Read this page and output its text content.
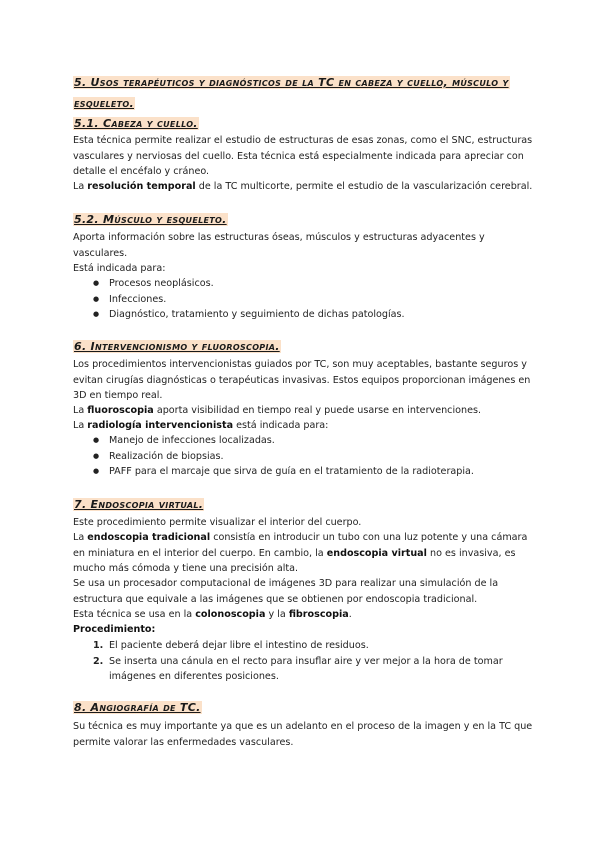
5. Usos terapéuticos y diagnósticos de la TC en cabeza y cuello, músculo y
esqueleto.
5.1. Cabeza y cuello.

Esta técnica permite realizar el estudio de estructuras de esas zonas, como el SNC, estructuras vasculares y nerviosas del cuello. Esta técnica está especialmente indicada para apreciar con detalle el encéfalo y cráneo.

La resolución temporal de la TC multicorte, permite el estudio de la vascularización cerebral.

5.2. Músculo y esqueleto.

Aporta información sobre las estructuras óseas, músculos y estructuras adyacentes y vasculares.

Está indicada para:

● Procesos neoplásicos.
● Infecciones.
● Diagnóstico, tratamiento y seguimiento de dichas patologías.
6. Intervencionismo y fluoroscopia.

Los procedimientos intervencionistas guiados por TC, son muy aceptables, bastante seguros y evitan cirugías diagnósticas o terapéuticas invasivas. Estos equipos proporcionan imágenes en 3D en tiempo real.

La fluoroscopia aporta visibilidad en tiempo real y puede usarse en intervenciones.

La radiología intervencionista está indicada para:

● Manejo de infecciones localizadas.
● Realización de biopsias.
● PAFF para el marcaje que sirva de guía en el tratamiento de la radioterapia.
7. Endoscopia virtual.

Este procedimiento permite visualizar el interior del cuerpo.

La endoscopia tradicional consistía en introducir un tubo con una luz potente y una cámara en miniatura en el interior del cuerpo. En cambio, la endoscopia virtual no es invasiva, es mucho más cómoda y tiene una precisión alta.

Se usa un procesador computacional de imágenes 3D para realizar una simulación de la estructura que equivale a las imágenes que se obtienen por endoscopia tradicional.

Esta técnica se usa en la colonoscopia y la fibroscopia.

Procedimiento:

1. El paciente deberá dejar libre el intestino de residuos.
2. Se inserta una cánula en el recto para insuflar aire y ver mejor a la hora de tomar imágenes en diferentes posiciones.
8. Angiografía de TC.

Su técnica es muy importante ya que es un adelanto en el proceso de la imagen y en la TC que permite valorar las enfermedades vasculares.
